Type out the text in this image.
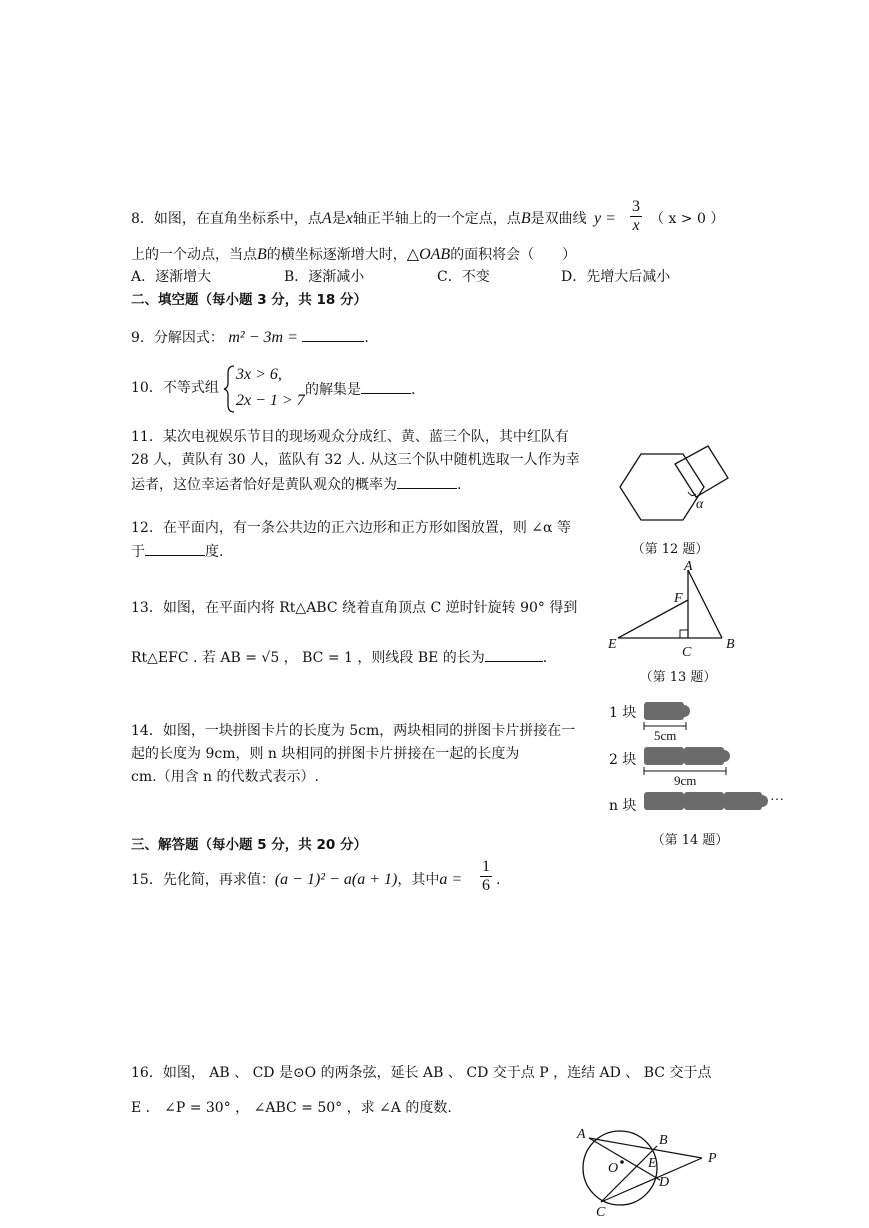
8．如图，在直角坐标系中，点A是x轴正半轴上的一个定点，点B是双曲线 $y = \frac{3}{x}$ （ x > 0 ）
上的一个动点，当点B的横坐标逐渐增大时，△OAB的面积将会（　　）
A．逐渐增大	B．逐渐减小	C．不变	D．先增大后减小
二、填空题（每小题 3 分，共 18 分）
9．分解因式： m² − 3m =	.
10．不等式组
3x > 6,
2x − 1 > 7
的解集是	.
11．某次电视娱乐节目的现场观众分成红、黄、蓝三个队，其中红队有
28 人，黄队有 30 人，蓝队有 32 人. 从这三个队中随机选取一人作为幸
运者，这位幸运者恰好是黄队观众的概率为	.
α
（第 12 题）
12．在平面内，有一条公共边的正六边形和正方形如图放置，则 ∠α 等
于	度.
A
F
E
C
B
（第 13 题）
13．如图，在平面内将 Rt△ABC 绕着直角顶点 C 逆时针旋转 90° 得到
Rt△EFC . 若 AB = √5 ， BC = 1 ，则线段 BE 的长为	.
1 块
2 块
n 块
5cm
9cm
···
（第 14 题）
14．如图，一块拼图卡片的长度为 5cm，两块相同的拼图卡片拼接在一
起的长度为 9cm，则 n 块相同的拼图卡片拼接在一起的长度为
cm.（用含 n 的代数式表示）.
三、解答题（每小题 5 分，共 20 分）
15．先化简，再求值：(a − 1)² − a(a + 1)，其中$a = \frac{1}{6}$ .
16．如图， AB 、 CD 是⊙O 的两条弦，延长 AB 、 CD 交于点 P ，连结 AD 、 BC 交于点
E ． ∠P = 30° ， ∠ABC = 50° ，求 ∠A 的度数.
A	B
O E	P
D
C
